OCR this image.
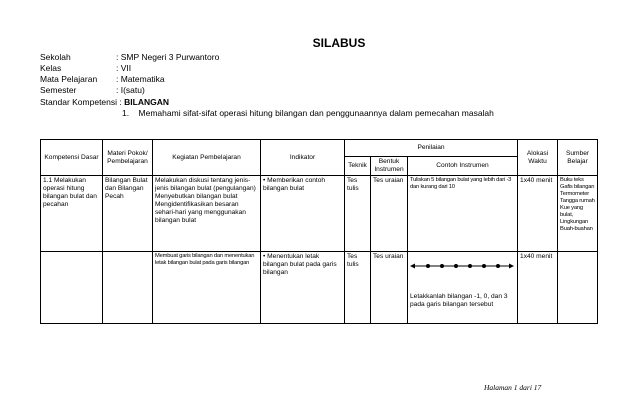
SILABUS
Sekolah	: SMP Negeri 3 Purwantoro
Kelas	: VII
Mata Pelajaran	: Matematika
Semester	: I(satu)
Standar Kompetensi : BILANGAN
1. Memahami sifat-sifat operasi hitung bilangan dan penggunaannya dalam pemecahan masalah
Kompetensi Dasar	Materi Pokok/ Pembelajaran	Kegiatan Pembelajaran	Indikator	Penilaian			Alokasi Waktu	Sumber Belajar
				Teknik	Bentuk Instrumen	Contoh Instrumen		
1.1 Melakukan operasi hitung bilangan bulat dan pecahan	Bilangan Bulat dan Bilangan Pecah	Melakukan diskusi tentang jenis-jenis bilangan bulat (pengulangan) Menyebutkan bilangan bulat Mengidentifikasikan besaran sehari-hari yang menggunakan bilangan bulat	• Memberikan contoh bilangan bulat	Tes tulis	Tes uraian	Tuliskan 5 bilangan bulat yang lebih dari -3 dan kurang dari 10	1x40 menit	Buku teks Gafis bilangan Termometer Tangga rumah Kue yang bulat, Lingkungan Buah-buahan
		Membuat garis bilangan dan menentukan letak bilangan bulat pada garis bilangan	• Menentukan letak bilangan bulat pada garis bilangan	Tes tulis	Tes uraian	Letakkanlah bilangan -1, 0, dan 3 pada garis bilangan tersebut	1x40 menit	
Halaman 1 dari 17
